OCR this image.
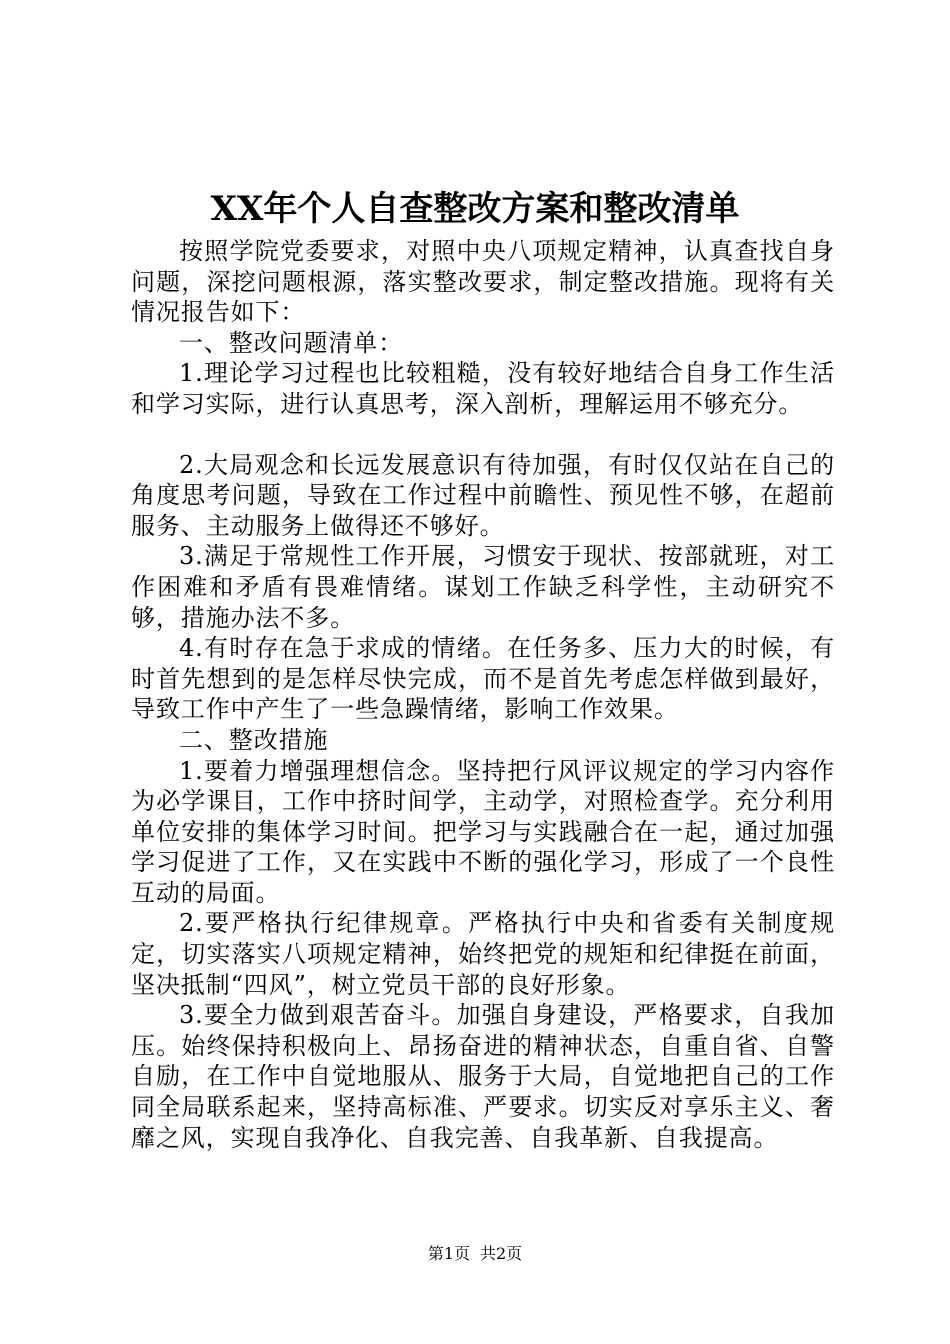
XX年个人自查整改方案和整改清单

按照学院党委要求，对照中央八项规定精神，认真查找自身问题，深挖问题根源，落实整改要求，制定整改措施。现将有关情况报告如下：

一、整改问题清单：

1.理论学习过程也比较粗糙，没有较好地结合自身工作生活和学习实际，进行认真思考，深入剖析，理解运用不够充分。

2.大局观念和长远发展意识有待加强，有时仅仅站在自己的角度思考问题，导致在工作过程中前瞻性、预见性不够，在超前服务、主动服务上做得还不够好。

3.满足于常规性工作开展，习惯安于现状、按部就班，对工作困难和矛盾有畏难情绪。谋划工作缺乏科学性，主动研究不够，措施办法不多。

4.有时存在急于求成的情绪。在任务多、压力大的时候，有时首先想到的是怎样尽快完成，而不是首先考虑怎样做到最好，导致工作中产生了一些急躁情绪，影响工作效果。

二、整改措施

1.要着力增强理想信念。坚持把行风评议规定的学习内容作为必学课目，工作中挤时间学，主动学，对照检查学。充分利用单位安排的集体学习时间。把学习与实践融合在一起，通过加强学习促进了工作，又在实践中不断的强化学习，形成了一个良性互动的局面。

2.要严格执行纪律规章。严格执行中央和省委有关制度规定，切实落实八项规定精神，始终把党的规矩和纪律挺在前面，坚决抵制“四风”，树立党员干部的良好形象。

3.要全力做到艰苦奋斗。加强自身建设，严格要求，自我加压。始终保持积极向上、昂扬奋进的精神状态，自重自省、自警自励，在工作中自觉地服从、服务于大局，自觉地把自己的工作同全局联系起来，坚持高标准、严要求。切实反对享乐主义、奢靡之风，实现自我净化、自我完善、自我革新、自我提高。

第1页 共2页
